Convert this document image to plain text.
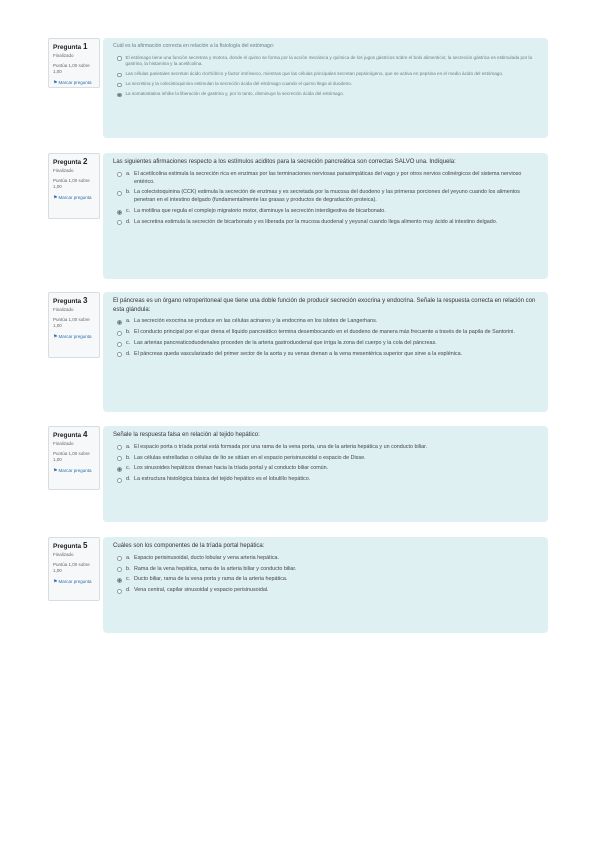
Pregunta 1
Finalizado
Puntúa 1,00 sobre 1,00
⚑Marcar pregunta
Cuál es la afirmación correcta en relación a la fisiología del estómago:
El estómago tiene una función secretora y motora, donde el quimo se forma por la acción mecánica y química de los jugos gástricos sobre el bolo alimenticio; la secreción gástrica es estimulada por la gastrina, la histamina y la acetilcolina.
Las células parietales secretan ácido clorhídrico y factor intrínseco, mientras que las células principales secretan pepsinógeno, que se activa en pepsina en el medio ácido del estómago.
La secretina y la colecistoquinina estimulan la secreción ácida del estómago cuando el quimo llega al duodeno.
La somatostatina inhibe la liberación de gastrina y, por lo tanto, disminuye la secreción ácida del estómago.
Pregunta 2
Finalizado
Puntúa 1,00 sobre 1,00
⚑Marcar pregunta
Las siguientes afirmaciones respecto a los estímulos aciditos para la secreción pancreática son correctas SALVO una. Indíquela:
a. El acetilcolina estimula la secreción rica en enzimas por las terminaciones nerviosas parasimpáticas del vago y por otros nervios colinérgicos del sistema nervioso entérico.
b. La colecistoquinina (CCK) estimula la secreción de enzimas y es secretada por la mucosa del duodeno y las primeras porciones del yeyuno cuando los alimentos penetran en el intestino delgado (fundamentalmente las grasas y productos de degradación proteica).
c. La motilina que regula el complejo migratorio motor, disminuye la secreción interdigestiva de bicarbonato.
d. La secretina estimula la secreción de bicarbonato y es liberada por la mucosa duodenal y yeyunal cuando llega alimento muy ácido al intestino delgado.
Pregunta 3
Finalizado
Puntúa 1,00 sobre 1,00
⚑Marcar pregunta
El páncreas es un órgano retroperitoneal que tiene una doble función de producir secreción exocrina y endocrina. Señale la respuesta correcta en relación con esta glándula:
a. La secreción exocrina se produce en las células acinares y la endocrina en los islotes de Langerhans.
b. El conducto principal por el que drena el líquido pancreático termina desembocando en el duodeno de manera más frecuente a través de la papila de Santorini.
c. Las arterias pancreaticoduodenales proceden de la arteria gastroduodenal que irriga la zona del cuerpo y la cola del páncreas.
d. El páncreas queda vascularizado del primer sector de la aorta y su venas drenan a la vena mesentérica superior que sirve a la esplénica.
Pregunta 4
Finalizado
Puntúa 1,00 sobre 1,00
⚑Marcar pregunta
Señale la respuesta falsa en relación al tejido hepático:
a. El espacio porta o tríada portal está formada por una rama de la vena porta, una de la arteria hepática y un conducto biliar.
b. Las células estrelladas o células de Ito se sitúan en el espacio perisinusoidal o espacio de Disse.
c. Los sinusoides hepáticos drenan hacia la tríada portal y al conducto biliar común.
d. La estructura histológica básica del tejido hepático es el lobulillo hepático.
Pregunta 5
Finalizado
Puntúa 1,00 sobre 1,00
⚑Marcar pregunta
Cuáles son los componentes de la tríada portal hepática:
a. Espacio perisinusoidal, ducto lobular y vena arteria hepática.
b. Rama de la vena hepática, rama de la arteria biliar y conducto biliar.
c. Ducto biliar, rama de la vena porta y rama de la arteria hepática.
d. Vena central, capilar sinusoidal y espacio perisinusoidal.
